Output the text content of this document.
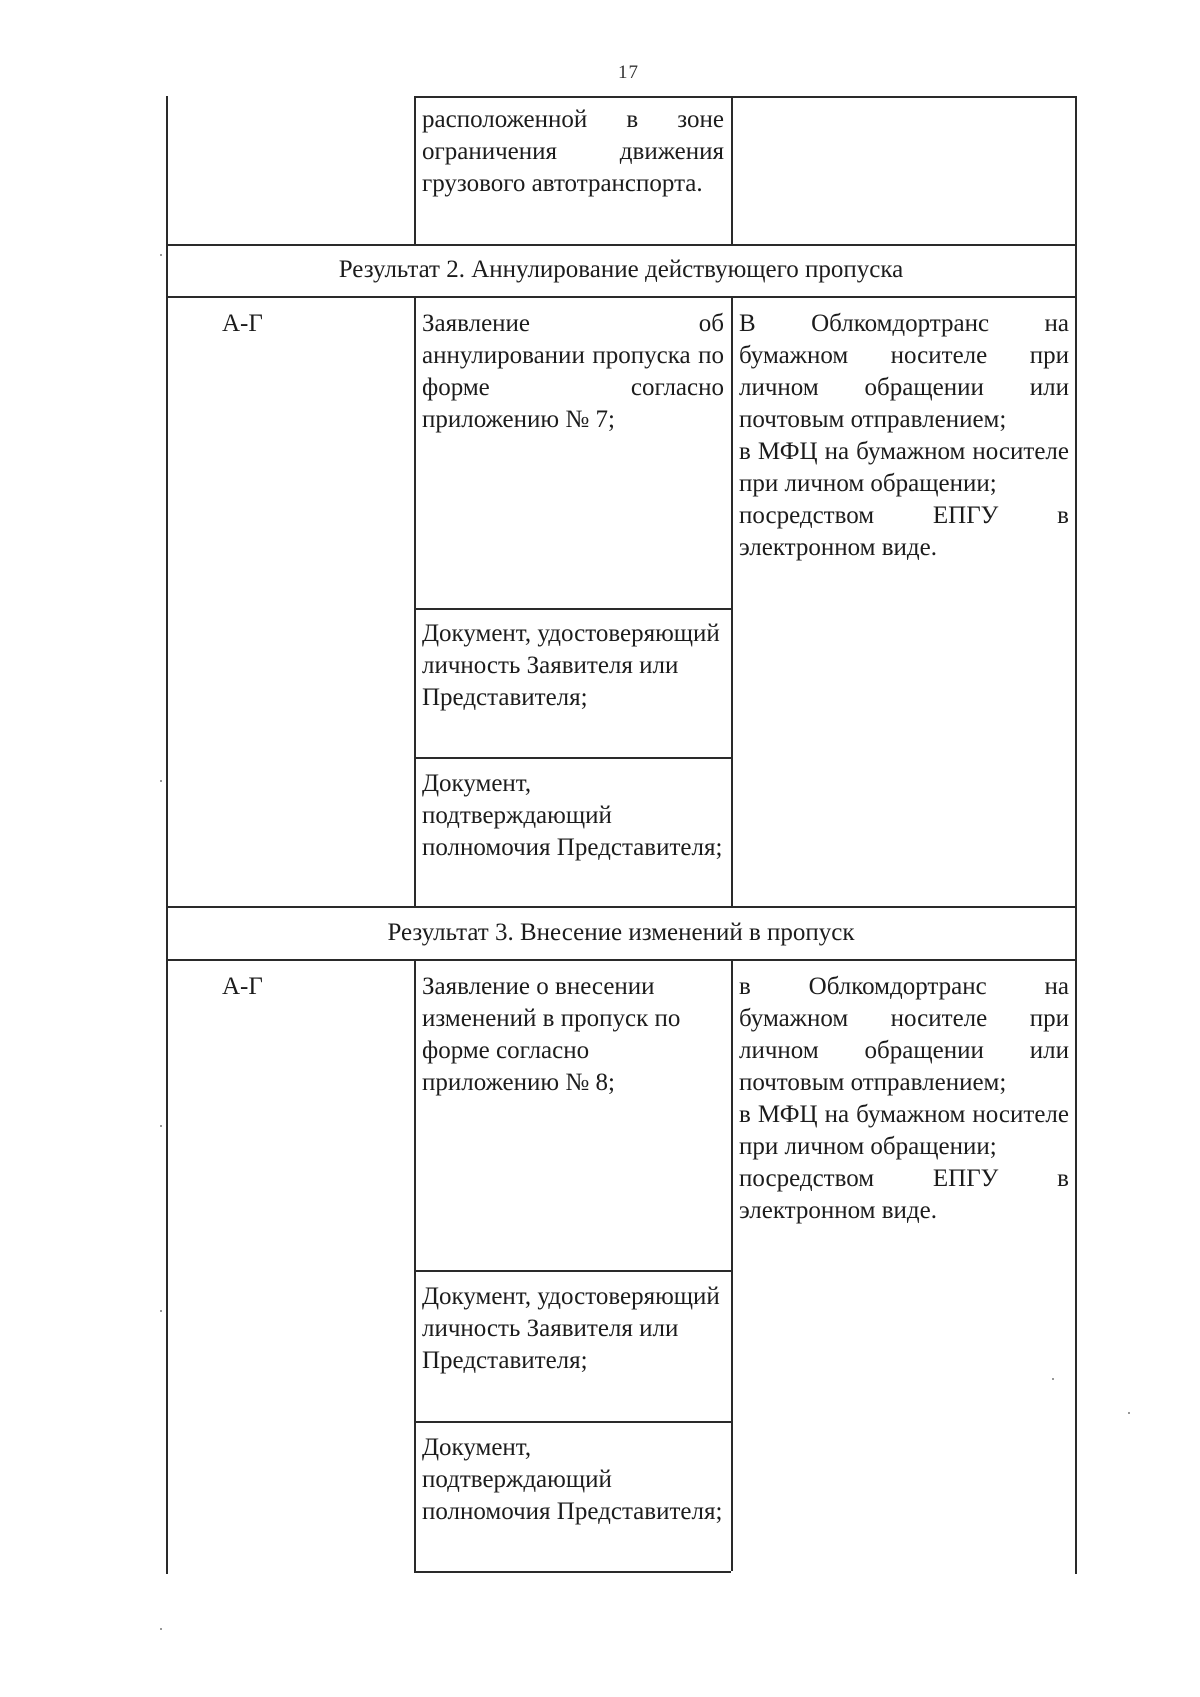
17
расположенной в зоне ограничения движения грузового автотранспорта.
Результат 2. Аннулирование действующего пропуска
А-Г	Заявление об аннулировании пропуска по форме согласно приложению № 7;
Документ, удостоверяющий личность Заявителя или Представителя;
Документ, подтверждающий полномочия Представителя;

В Облкомдортранс на бумажном носителе при личном обращении или почтовым отправлением;

в МФЦ на бумажном носителе при личном обращении;

посредством ЕПГУ в электронном виде.

Результат 3. Внесение изменений в пропуск
А-Г	Заявление о внесении изменений в пропуск по форме согласно приложению № 8;
Документ, удостоверяющий личность Заявителя или Представителя;
Документ, подтверждающий полномочия Представителя;

в Облкомдортранс на бумажном носителе при личном обращении или почтовым отправлением;

в МФЦ на бумажном носителе при личном обращении;

посредством ЕПГУ в электронном виде.
